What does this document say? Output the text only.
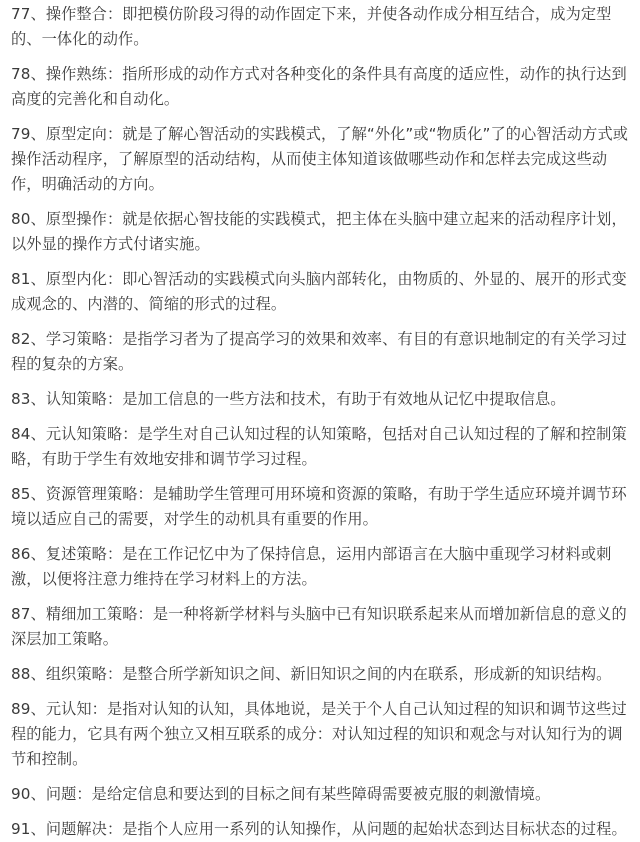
77、操作整合：即把模仿阶段习得的动作固定下来，并使各动作成分相互结合，成为定型的、一体化的动作。

78、操作熟练：指所形成的动作方式对各种变化的条件具有高度的适应性，动作的执行达到高度的完善化和自动化。

79、原型定向：就是了解心智活动的实践模式，了解“外化”或“物质化”了的心智活动方式或操作活动程序，了解原型的活动结构，从而使主体知道该做哪些动作和怎样去完成这些动作，明确活动的方向。

80、原型操作：就是依据心智技能的实践模式，把主体在头脑中建立起来的活动程序计划，以外显的操作方式付诸实施。

81、原型内化：即心智活动的实践模式向头脑内部转化，由物质的、外显的、展开的形式变成观念的、内潜的、简缩的形式的过程。

82、学习策略：是指学习者为了提高学习的效果和效率、有目的有意识地制定的有关学习过程的复杂的方案。

83、认知策略：是加工信息的一些方法和技术，有助于有效地从记忆中提取信息。

84、元认知策略：是学生对自己认知过程的认知策略，包括对自己认知过程的了解和控制策略，有助于学生有效地安排和调节学习过程。

85、资源管理策略：是辅助学生管理可用环境和资源的策略，有助于学生适应环境并调节环境以适应自己的需要，对学生的动机具有重要的作用。

86、复述策略：是在工作记忆中为了保持信息，运用内部语言在大脑中重现学习材料或刺激，以便将注意力维持在学习材料上的方法。

87、精细加工策略：是一种将新学材料与头脑中已有知识联系起来从而增加新信息的意义的深层加工策略。

88、组织策略：是整合所学新知识之间、新旧知识之间的内在联系，形成新的知识结构。

89、元认知：是指对认知的认知，具体地说，是关于个人自己认知过程的知识和调节这些过程的能力，它具有两个独立又相互联系的成分：对认知过程的知识和观念与对认知行为的调节和控制。

90、问题：是给定信息和要达到的目标之间有某些障碍需要被克服的刺激情境。

91、问题解决：是指个人应用一系列的认知操作，从问题的起始状态到达目标状态的过程。
